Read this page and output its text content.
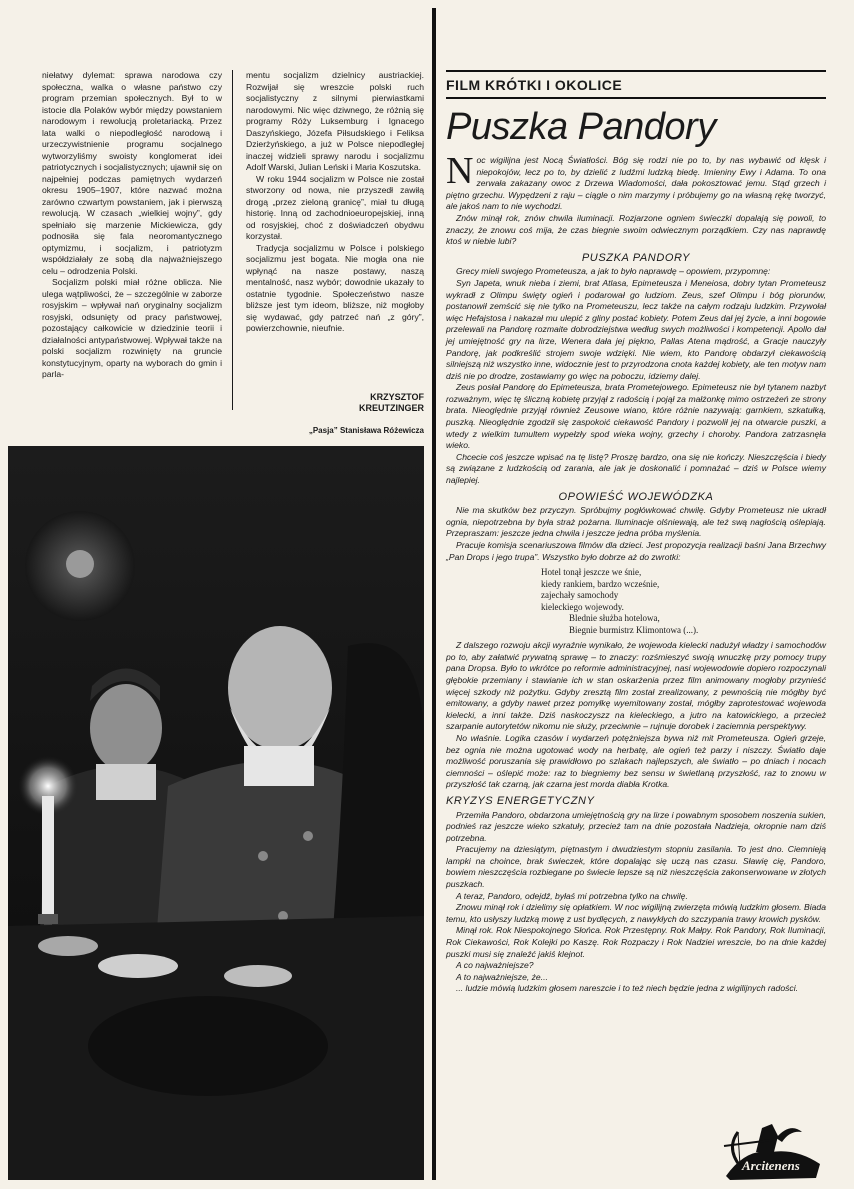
niełatwy dylemat: sprawa narodowa czy społeczna, walka o własne państwo czy program przemian społecznych. Był to w istocie dla Polaków wybór między powstaniem narodowym i rewolucją proletariacką. Przez lata walki o niepodległość narodową i urzeczywistnienie programu socjalnego wytworzyliśmy swoisty konglomerat idei patriotycznych i socjalistycznych; ujawnił się on najpełniej podczas pamiętnych wydarzeń okresu 1905–1907, które nazwać można zarówno czwartym powstaniem, jak i pierwszą rewolucją. W czasach „wielkiej wojny”, gdy spełniało się marzenie Mickiewicza, gdy podnosiła się fala neoromantycznego optymizmu, i socjalizm, i patriotyzm współdziałały ze sobą dla najważniejszego celu – odrodzenia Polski.

Socjalizm polski miał różne oblicza. Nie ulega wątpliwości, że – szczególnie w zaborze rosyjskim – wpływał nań oryginalny socjalizm rosyjski, odsunięty od pracy państwowej, pozostający całkowicie w dziedzinie teorii i działalności antypaństwowej. Wpływał także na polski socjalizm rozwinięty na gruncie konstytucyjnym, oparty na wyborach do gmin i parla-

mentu socjalizm dzielnicy austriackiej. Rozwijał się wreszcie polski ruch socjalistyczny z silnymi pierwiastkami narodowymi. Nic więc dziwnego, że różnią się programy Róży Luksemburg i Ignacego Daszyńskiego, Józefa Piłsudskiego i Feliksa Dzierżyńskiego, a już w Polsce niepodległej inaczej widzieli sprawy narodu i socjalizmu Adolf Warski, Julian Leński i Maria Koszutska.

W roku 1944 socjalizm w Polsce nie został stworzony od nowa, nie przyszedł zawiłą drogą „przez zieloną granicę”, miał tu długą historię. Inną od zachodnioeuropejskiej, inną od rosyjskiej, choć z doświadczeń obydwu korzystał.

Tradycja socjalizmu w Polsce i polskiego socjalizmu jest bogata. Nie mogła ona nie wpłynąć na nasze postawy, naszą mentalność, nasz wybór; dowodnie ukazały to ostatnie tygodnie. Społeczeństwo nasze bliższe jest tym ideom, bliższe, niż mogłoby się wydawać, gdy patrzeć nań „z góry”, powierzchownie, nieufnie.

KRZYSZTOF
KREUTZINGER
„Pasja” Stanisława Różewicza
FILM KRÓTKI I OKOLICE
Puszka Pandory

Noc wigilijna jest Nocą Światłości. Bóg się rodzi nie po to, by nas wybawić od klęsk i niepokojów, lecz po to, by dzielić z ludźmi ludzką biedę. Imieniny Ewy i Adama. To ona zerwała zakazany owoc z Drzewa Wiadomości, dała pokosztować jemu. Stąd grzech i piętno grzechu. Wypędzeni z raju – ciągle o nim marzymy i próbujemy go na własną rękę tworzyć, ale jakoś nam to nie wychodzi.

Znów minął rok, znów chwila iluminacji. Rozjarzone ogniem śwíeczki dopalają się powoli, to znaczy, że znowu coś mija, że czas biegnie swoim odwiecznym porządkiem. Czy nas naprawdę ktoś w niebie lubi?

PUSZKA PANDORY

Grecy mieli swojego Prometeusza, a jak to było naprawdę – opowiem, przypomnę:

Syn Japeta, wnuk nieba i ziemi, brat Atlasa, Epimeteusza i Meneiosa, dobry tytan Prometeusz wykradł z Olimpu święty ogień i podarował go ludziom. Zeus, szef Olimpu i bóg piorunów, postanowił zemścić się nie tylko na Prometeuszu, lecz także na całym rodzaju ludzkim. Przywołał więc Hefajstosa i nakazał mu ulepić z gliny postać kobiety. Potem Zeus dał jej życie, a inni bogowie przelewali na Pandorę rozmaite dobrodziejstwa według swych możliwości i kompetencji. Apollo dał jej umiejętność gry na lirze, Wenera dała jej piękno, Pallas Atena mądrość, a Gracje nauczyły Pandorę, jak podkreślić strojem swoje wdzięki. Nie wiem, kto Pandorę obdarzył ciekawością silniejszą niż wszystko inne, widocznie jest to przyrodzona cnota każdej kobiety, ale ten motyw nam dziś nie po drodze, zostawiamy go więc na poboczu, idziemy dalej.

Zeus posłał Pandorę do Epimeteusza, brata Prometejowego. Epimeteusz nie był tytanem nazbyt rozważnym, więc tę śliczną kobietę przyjął z radością i pojął za małżonkę mimo ostrzeżeń ze strony brata. Nieoględnie przyjął również Zeusowe wiano, które różnie nazywają: garnkiem, szkatułką, puszką. Nieoględnie zgodził się zaspokoić ciekawość Pandory i pozwolił jej na otwarcie puszki, a wtedy z wielkim tumultem wypełzły spod wieka wojny, grzechy i choroby. Pandora zatrzasnęła wieko.

Chcecie coś jeszcze wpisać na tę listę? Proszę bardzo, ona się nie kończy. Nieszczęścia i biedy są związane z ludzkością od zarania, ale jak je doskonalić i pomnażać – dziś w Polsce wiemy najlepiej.

OPOWIEŚĆ WOJEWÓDZKA

Nie ma skutków bez przyczyn. Spróbujmy pogłówkować chwilę. Gdyby Prometeusz nie ukradł ognia, niepotrzebna by była straż pożarna. Iluminacje olśniewają, ale też swą nagłością oślepiają. Przepraszam: jeszcze jedna chwila i jeszcze jedna próba myślenia.

Pracuje komisja scenariuszowa filmów dla dzieci. Jest propozycja realizacji baśni Jana Brzechwy „Pan Drops i jego trupa”. Wszystko było dobrze aż do zwrotki:

Hotel tonął jeszcze we śnie,
kiedy rankiem, bardzo wcześnie,
zajechały samochody
kieleckiego wojewody.
Blednie służba hotelowa,
Biegnie burmistrz Klimontowa (...).

Z dalszego rozwoju akcji wyraźnie wynikało, że wojewoda kielecki nadużył władzy i samochodów po to, aby załatwić prywatną sprawę – to znaczy: rozśmieszyć swoją wnuczkę przy pomocy trupy pana Dropsa. Było to wkrótce po reformie administracyjnej, nasi wojewodowie dopiero rozpoczynali głębokie przemiany i stawianie ich w stan oskarżenia przez film animowany mogłoby przynieść więcej szkody niż pożytku. Gdyby zresztą film został zrealizowany, z pewnością nie mógłby być emitowany, a gdyby nawet przez pomyłkę wyemitowany został, mógłby zaprotestować wojewoda kielecki, a inni także. Dziś naskoczyszz na kieleckiego, a jutro na katowickiego, a przecież szarpanie autorytetów nikomu nie służy, przeciwnie – rujnuje dorobek i zaciemnia perspektywy.

No właśnie. Logika czasów i wydarzeń potężniejsza bywa niż mit Prometeusza. Ogień grzeje, bez ognia nie można ugotować wody na herbatę, ale ogień też parzy i niszczy. Światło daje możliwość poruszania się prawidłowo po szlakach najlepszych, ale światło – po dniach i nocach ciemności – oślepić może: raz to biegniemy bez sensu w świetlaną przyszłość, raz to znowu w przyszłość tak czarną, jak czarna jest morda diabła Krotka.

KRYZYS ENERGETYCZNY

Przemiła Pandoro, obdarzona umiejętnością gry na lirze i powabnym sposobem noszenia sukien, podnieś raz jeszcze wieko szkatuły, przecież tam na dnie pozostała Nadzieja, okropnie nam dziś potrzebna.

Pracujemy na dziesiątym, piętnastym i dwudziestym stopniu zasilania. To jest dno. Ciemnieją lampki na choince, brak świeczek, które dopalając się uczą nas czasu. Sławię cię, Pandoro, bowiem nieszczęścia rozbiegane po świecie lepsze są niż nieszczęścia zakonserwowane w złotych puszkach.

A teraz, Pandoro, odejdź, byłaś mi potrzebna tylko na chwilę.

Znowu minął rok i dzielimy się opłatkiem. W noc wigilijną zwierzęta mówią ludzkim głosem. Biada temu, kto usłyszy ludzką mowę z ust bydlęcych, z nawykłych do szczypania trawy krowich pysków.

Minął rok. Rok Niespokojnego Słońca. Rok Przestępny. Rok Małpy. Rok Pandory, Rok Iluminacji, Rok Ciekawości, Rok Kolejki po Kaszę. Rok Rozpaczy i Rok Nadziei wreszcie, bo na dnie każdej puszki musi się znaleźć jakiś klejnot.

A co najważniejsze?

A to najważniejsze, że...

... ludzie mówią ludzkim głosem nareszcie i to też niech będzie jedna z wigilijnych radości.

Arcitenens
